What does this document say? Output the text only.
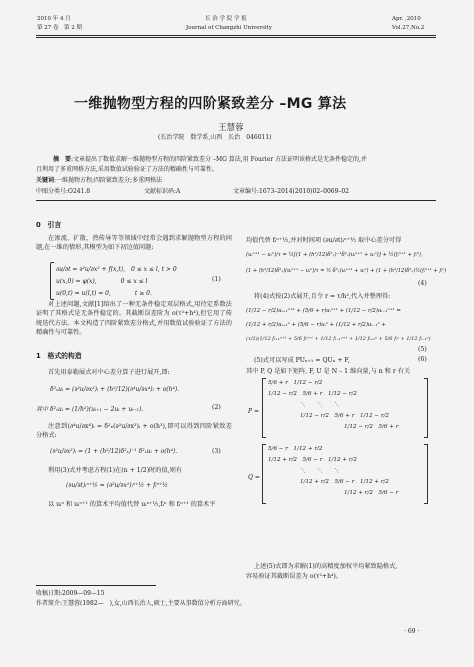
2010 年 4 月
第 27 卷　第 2 期
长 治 学 院 学 报
Journal of Changzhi University
Apr. ,2010
Vol.27,No.2
一维抛物型方程的四阶紧致差分 –MG 算法
王慧蓉
(长治学院　数学系,山西　长治　046011)
摘　要:文章提出了数值求解一维抛物型方程的四阶紧致差分 –MG 算法,用 Fourier 方法证明该格式是无条件稳定的,并
且利用了多重网格方法,采用数值试验验证了方法的精确性与可靠性。
关键词:一维抛物方程;四阶紧致差分;多重网格法
中图分类号:O241.8	文献标识码:A	文章编号:1673–2014(2010)02–0069–02
0　引言
在渗流、扩散、热传导等等领域中经常会遇到求解抛物型方程的问题,在一维的情形,其模型为如下初边值问题:
∂u/∂t = ∂²u/∂x² + f(x,t),　0 ≤ x ≤ l, t > 0
u(x,0) = φ(x),　　　　0 ≤ x ≤ l
u(0,t) = u(l,t) = 0,　　　　t ≥ 0.
(1)
对上述问题,文献[1]给出了一种无条件稳定双层格式,用待定系数法证明了其格式是无条件稳定的。其截断误差阶为 o(τ²+h⁴),但它用了传统迭代方法。本文构造了四阶紧致差分格式,并用数值试验验证了方法的精确性与可靠性。
1　格式的构造
首先用泰勒展式对中心差分算子进行展开,即:
δ²ₓuᵢ = (∂²u/∂x²)ᵢ + (h²/12)(∂⁴u/∂x⁴)ᵢ + o(h⁴).
其中 δ²ₓuᵢ = (1/h²)(uᵢ₊₁ − 2uᵢ + uᵢ₋₁).	(2)
注意到(∂⁴u/∂x⁴)ᵢ = δ²ₓ(∂²u/∂x²)ᵢ + o(h²),即可以得到四阶紧致差分格式:
(∂²u/∂x²)ᵢ = (1 + (h²/12)δ²ₓ)⁻¹ δ²ₓuᵢ + o(h⁴).	(3)
利用(3)式并考虑方程(1)在(n + 1/2)时的值,则有
(∂u/∂t)ᵢⁿ⁺½ = (∂²u/∂x²)ᵢⁿ⁺½ + fᵢⁿ⁺½
以 uᵢⁿ 和 uᵢⁿ⁺¹ 的算术平均值代替 uᵢⁿ⁺½,fᵢⁿ 和 fᵢⁿ⁺¹ 的算术平
均值代替 fᵢⁿ⁺½,并对时间项 (∂u/∂t)ᵢⁿ⁺½ 取中心差分可得
(uᵢⁿ⁺¹ − uᵢⁿ)/τ = ½[(1 + (h²/12)δ²ₓ)⁻¹δ²ₓ(uᵢⁿ⁺¹ + uᵢⁿ)] + ½(fᵢⁿ⁺¹ + fᵢⁿ),
(1 + (h²/12)δ²ₓ)(uᵢⁿ⁺¹ − uᵢⁿ)/τ = ½ δ²ₓ(uᵢⁿ⁺¹ + uᵢⁿ) + (1 + (h²/12)δ²ₓ)½(fᵢⁿ⁺¹ + fᵢⁿ)
(4)
将(4)式按(2)式展开,且令 r = τ/h²,代入并整理得:
(1/12 − r/2)uᵢ₊₁ⁿ⁺¹ + (5/6 + r)uᵢⁿ⁺¹ + (1/12 − r/2)uᵢ₋₁ⁿ⁺¹ =
(1/12 + r/2)uᵢ₊₁ⁿ + (5/6 − r)uᵢⁿ + (1/12 + r/2)uᵢ₋₁ⁿ +
(τ/2)(1/12 fᵢ₊₁ⁿ⁺¹ + 5/6 fᵢⁿ⁺¹ + 1/12 fᵢ₋₁ⁿ⁺¹ + 1/12 fᵢ₊₁ⁿ + 5/6 fᵢⁿ + 1/12 fᵢ₋₁ⁿ)
(5)
(5)式可以写成 PUₙ₊₁ = QUₙ + F,	(6)
其中 P, Q 是如下矩阵, F, U 是 N – 1 维向量,与 n 和 r 有关
P =
5/6 + r　1/12 − r/2
1/12 − r/2　5/6 + r　1/12 − r/2
⋱　　⋱　　⋱
1/12 − r/2　5/6 + r　1/12 − r/2
1/12 − r/2　5/6 + r
Q =
5/6 − r　1/12 + r/2
1/12 + r/2　5/6 − r　1/12 + r/2
⋱　　⋱　　⋱
1/12 + r/2　5/6 − r　1/12 + r/2
1/12 + r/2　5/6 − r
上述(5)式即为求解(1)的高精度加权平均紧致隐格式,
容易验证其截断误差为 o(τ²+h⁴)。
收稿日期:2009—09—15
作者简介:王慧蓉(1982—　),女,山西长治人,硕士,主要从事数值分析方面研究。
· 69 ·
